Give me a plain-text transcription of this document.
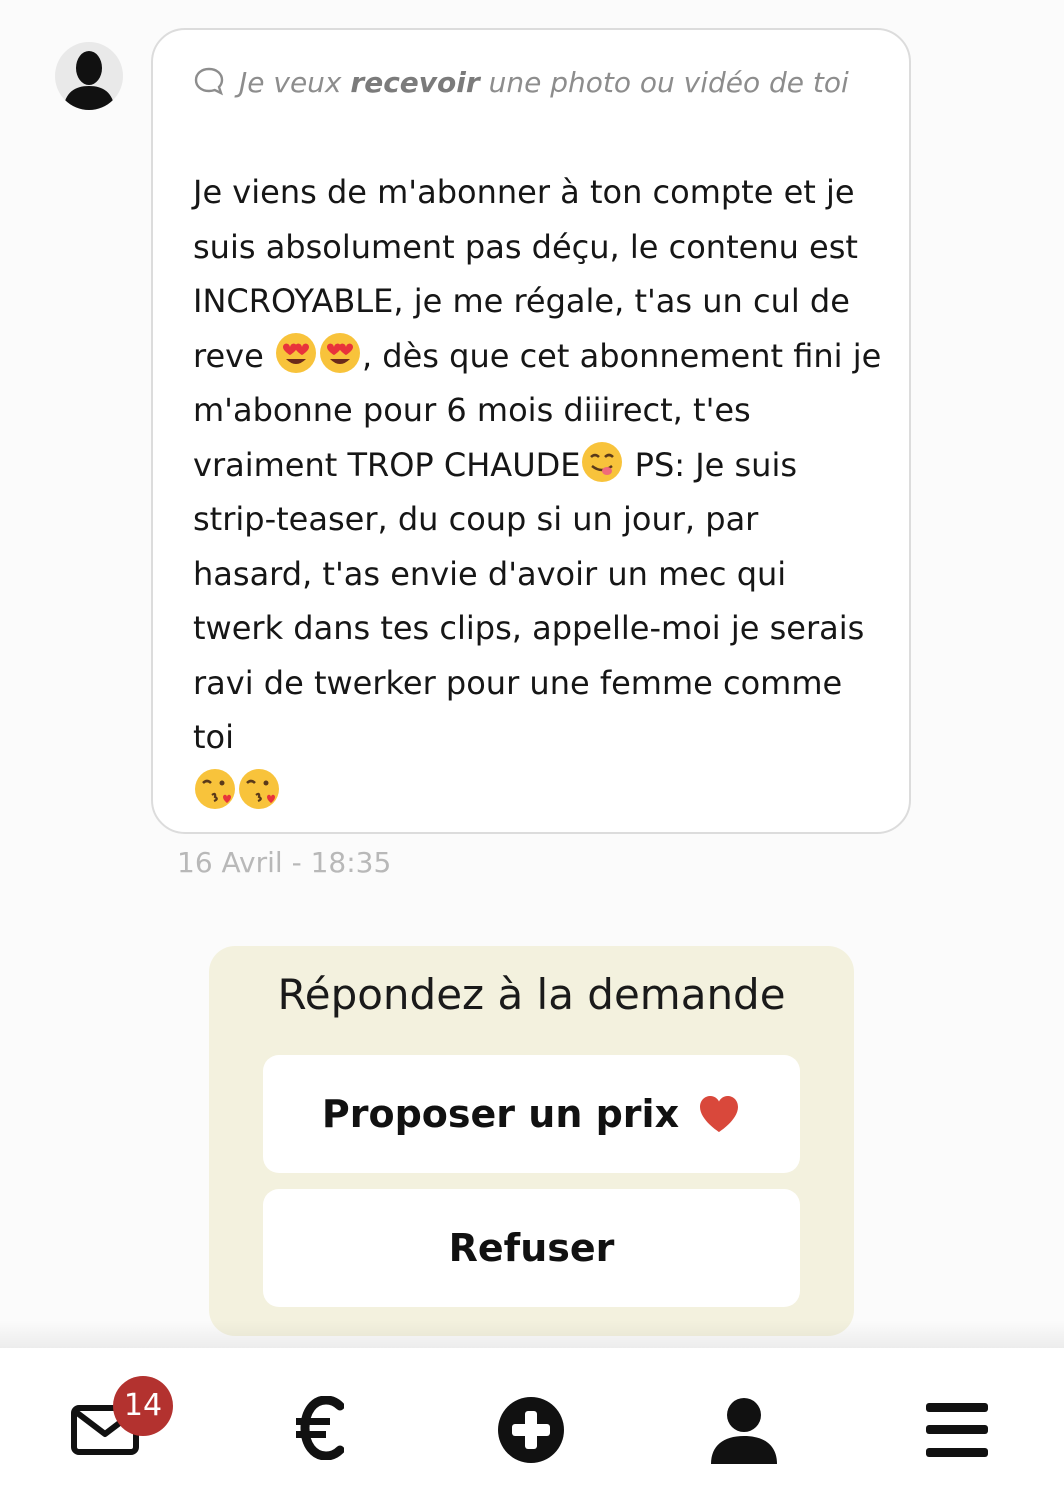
Je veux recevoir une photo ou vidéo de toi
Je viens de m'abonner à ton compte et je suis absolument pas déçu, le contenu est INCROYABLE, je me régale, t'as un cul de reve	, dès que cet abonnement fini je m'abonne pour 6 mois diiirect, t'es vraiment TROP CHAUDE PS: Je suis strip-teaser, du coup si un jour, par hasard, t'as envie d'avoir un mec qui twerk dans tes clips, appelle-moi je serais ravi de twerker pour une femme comme toi

16 Avril - 18:35
Répondez à la demande
Proposer un prix
Refuser
14
